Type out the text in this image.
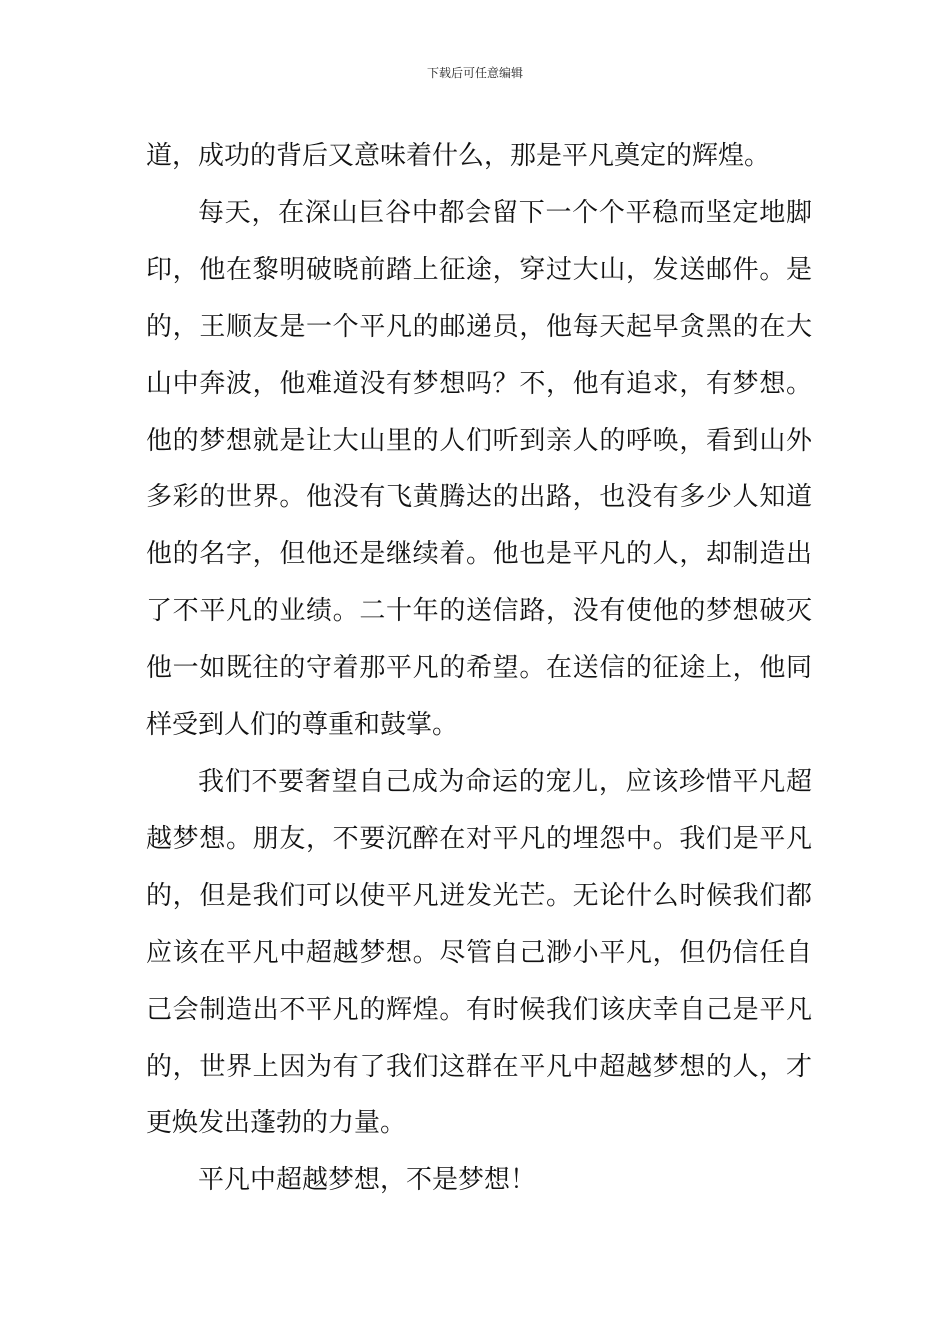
下载后可任意编辑

道，成功的背后又意味着什么，那是平凡奠定的辉煌。

每天，在深山巨谷中都会留下一个个平稳而坚定地脚印，他在黎明破晓前踏上征途，穿过大山，发送邮件。是的，王顺友是一个平凡的邮递员，他每天起早贪黑的在大山中奔波，他难道没有梦想吗？不，他有追求，有梦想。他的梦想就是让大山里的人们听到亲人的呼唤，看到山外多彩的世界。他没有飞黄腾达的出路，也没有多少人知道他的名字，但他还是继续着。他也是平凡的人，却制造出了不平凡的业绩。二十年的送信路，没有使他的梦想破灭他一如既往的守着那平凡的希望。在送信的征途上，他同样受到人们的尊重和鼓掌。

我们不要奢望自己成为命运的宠儿，应该珍惜平凡超越梦想。朋友，不要沉醉在对平凡的埋怨中。我们是平凡的，但是我们可以使平凡迸发光芒。无论什么时候我们都应该在平凡中超越梦想。尽管自己渺小平凡，但仍信任自己会制造出不平凡的辉煌。有时候我们该庆幸自己是平凡的，世界上因为有了我们这群在平凡中超越梦想的人，才更焕发出蓬勃的力量。

平凡中超越梦想，不是梦想！
